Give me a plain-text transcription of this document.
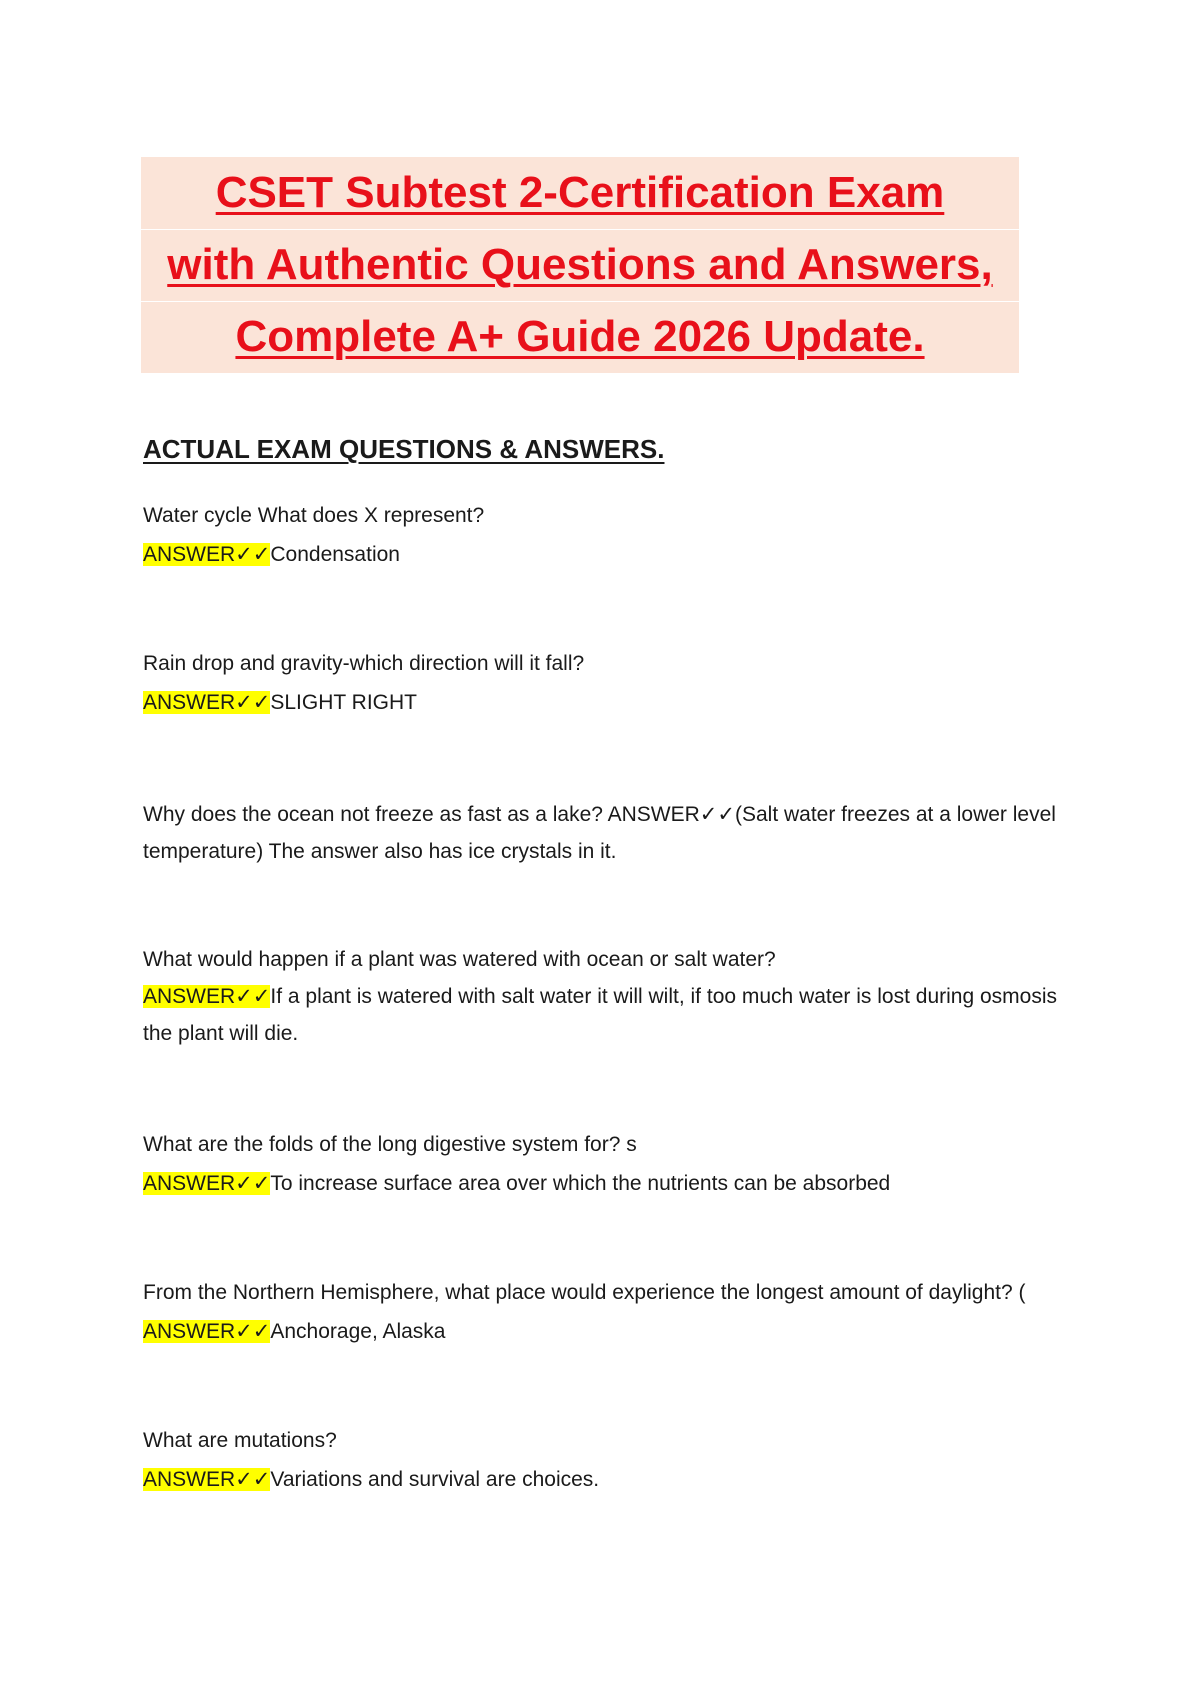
CSET Subtest 2-Certification Exam
with Authentic Questions and Answers,
Complete A+ Guide 2026 Update.
ACTUAL EXAM QUESTIONS & ANSWERS.

Water cycle What does X represent?

ANSWER✓✓Condensation

Rain drop and gravity-which direction will it fall?

ANSWER✓✓SLIGHT RIGHT

Why does the ocean not freeze as fast as a lake? ANSWER✓✓(Salt water freezes at a lower level temperature) The answer also has ice crystals in it.

What would happen if a plant was watered with ocean or salt water?

ANSWER✓✓If a plant is watered with salt water it will wilt, if too much water is lost during osmosis the plant will die.

What are the folds of the long digestive system for? s

ANSWER✓✓To increase surface area over which the nutrients can be absorbed

From the Northern Hemisphere, what place would experience the longest amount of daylight? (

ANSWER✓✓Anchorage, Alaska

What are mutations?

ANSWER✓✓Variations and survival are choices.
